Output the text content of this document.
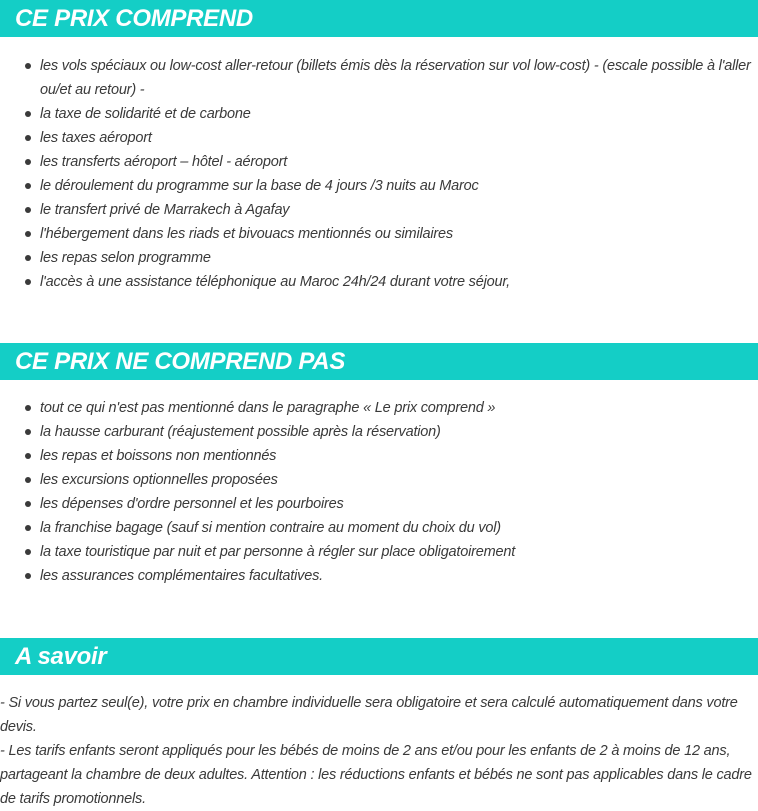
CE PRIX COMPREND
les vols spéciaux ou low-cost aller-retour (billets émis dès la réservation sur vol low-cost) - (escale possible à l'aller ou/et au retour) -
la taxe de solidarité et de carbone
les taxes aéroport
les transferts aéroport – hôtel - aéroport
le déroulement du programme sur la base de 4 jours /3 nuits au Maroc
le transfert privé de Marrakech à Agafay
l'hébergement dans les riads et bivouacs mentionnés ou similaires
les repas selon programme
l'accès à une assistance téléphonique au Maroc 24h/24 durant votre séjour,
CE PRIX NE COMPREND PAS
tout ce qui n'est pas mentionné dans le paragraphe « Le prix comprend »
la hausse carburant (réajustement possible après la réservation)
les repas et boissons non mentionnés
les excursions optionnelles proposées
les dépenses d'ordre personnel et les pourboires
la franchise bagage (sauf si mention contraire au moment du choix du vol)
la taxe touristique par nuit et par personne à régler sur place obligatoirement
les assurances complémentaires facultatives.
A savoir

- Si vous partez seul(e), votre prix en chambre individuelle sera obligatoire et sera calculé automatiquement dans votre devis.

- Les tarifs enfants seront appliqués pour les bébés de moins de 2 ans et/ou pour les enfants de 2 à moins de 12 ans, partageant la chambre de deux adultes. Attention : les réductions enfants et bébés ne sont pas applicables dans le cadre de tarifs promotionnels.
